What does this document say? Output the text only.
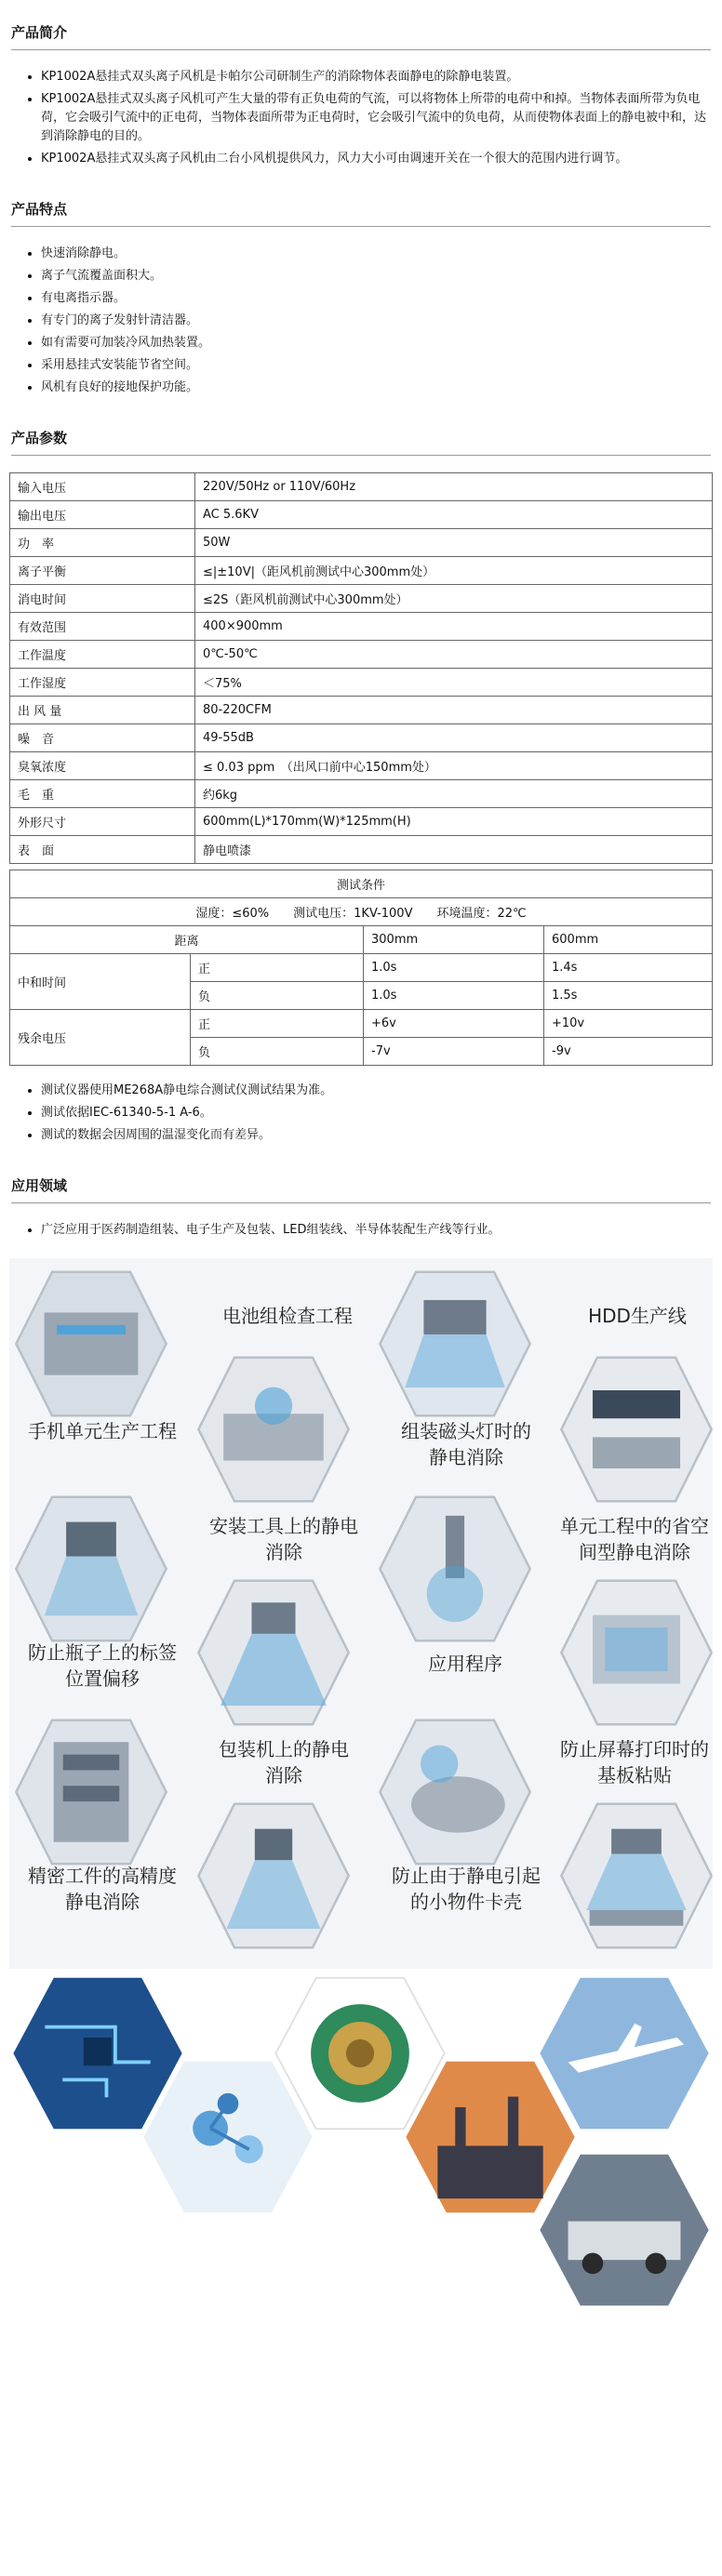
产品简介
• KP1002A悬挂式双头离子风机是卡帕尔公司研制生产的消除物体表面静电的除静电装置。
• KP1002A悬挂式双头离子风机可产生大量的带有正负电荷的气流，可以将物体上所带的电荷中和掉。当物体表面所带为负电荷，它会吸引气流中的正电荷，当物体表面所带为正电荷时，它会吸引气流中的负电荷，从而使物体表面上的静电被中和，达到消除静电的目的。
• KP1002A悬挂式双头离子风机由二台小风机提供风力，风力大小可由调速开关在一个很大的范围内进行调节。
产品特点
• 快速消除静电。
• 离子气流覆盖面积大。
• 有电离指示器。
• 有专门的离子发射针清洁器。
• 如有需要可加装冷风加热装置。
• 采用悬挂式安装能节省空间。
• 风机有良好的接地保护功能。
产品参数
输入电压	220V/50Hz or 110V/60Hz
输出电压	AC 5.6KV
功　率	50W
离子平衡	≤|±10V|（距风机前测试中心300mm处）
消电时间	≤2S（距风机前测试中心300mm处）
有效范围	400×900mm
工作温度	0℃-50℃
工作湿度	＜75%
出 风 量	80-220CFM
噪　音	49-55dB
臭氧浓度	≤ 0.03 ppm　（出风口前中心150mm处）
毛　重	约6kg
外形尺寸	600mm(L)*170mm(W)*125mm(H)
表　面	静电喷漆
测试条件			
湿度：≤60%　　测试电压：1KV-100V　　环境温度：22℃			
距离		300mm	600mm
中和时间	正	1.0s	1.4s
	负	1.0s	1.5s
残余电压	正	+6v	+10v
	负	-7v	-9v
• 测试仪器使用ME268A静电综合测试仪测试结果为准。
• 测试依据IEC-61340-5-1 A-6。
• 测试的数据会因周围的温湿变化而有差异。
应用领域
• 广泛应用于医药制造组装、电子生产及包装、LED组装线、半导体装配生产线等行业。
电池组检查工程	HDD生产线
手机单元生产工程	组装磁头灯时的
静电消除
安装工具上的静电
消除
单元工程中的省空
间型静电消除
防止瓶子上的标签
位置偏移
应用程序
包装机上的静电
消除
防止屏幕打印时的
基板粘贴
精密工件的高精度
静电消除
防止由于静电引起
的小物件卡壳
